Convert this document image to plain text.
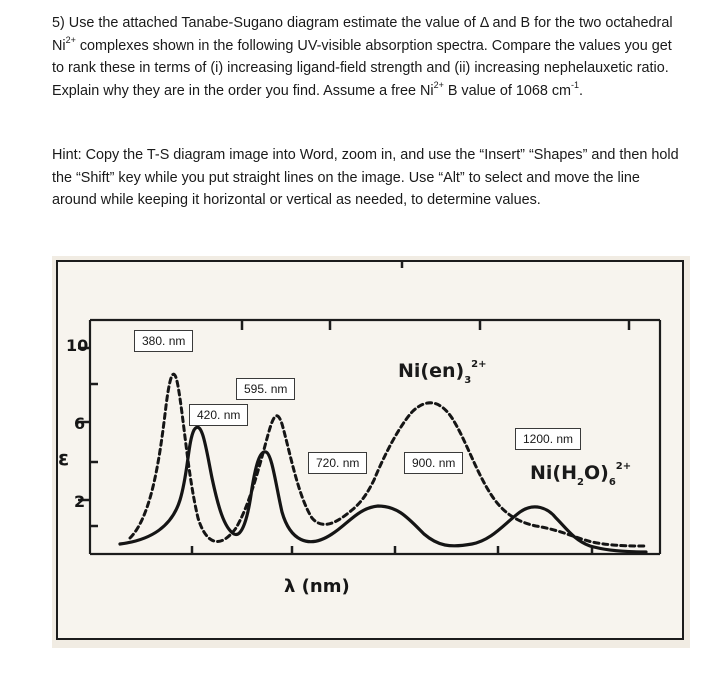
5) Use the attached Tanabe-Sugano diagram estimate the value of Δ and B for the two octahedral $Ni^{2+}$ complexes shown in the following UV-visible absorption spectra. Compare the values you get to rank these in terms of (i) increasing ligand-field strength and (ii) increasing nephelauxetic ratio. Explain why they are in the order you find. Assume a free $Ni^{2+}$ B value of 1068 $cm^{-1}$.

Hint: Copy the T-S diagram image into Word, zoom in, and use the “Insert” “Shapes” and then hold the “Shift” key while you put straight lines on the image. Use “Alt” to select and move the line around while keeping it horizontal or vertical as needed, to determine values.

10
6
2
ε
λ (nm)
380. nm
595. nm
420. nm
720. nm	900. nm
1200. nm
$Ni(en)_3^{2+}$
$Ni(H_2O)_6^{2+}$
